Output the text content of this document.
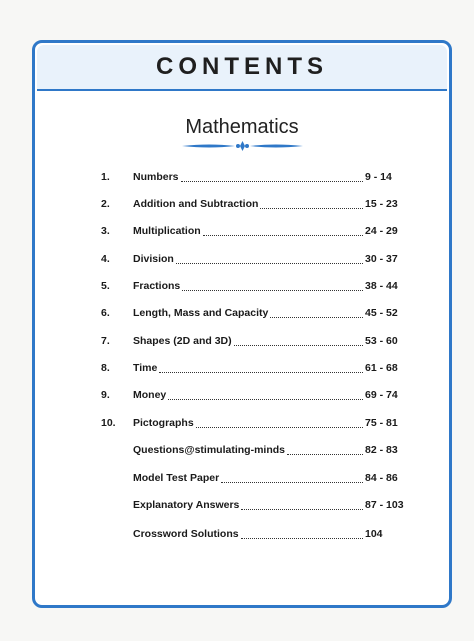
CONTENTS
Mathematics
1.	Numbers	9 - 14
2.	Addition and Subtraction	15 - 23
3.	Multiplication	24 - 29
4.	Division	30 - 37
5.	Fractions	38 - 44
6.	Length, Mass and Capacity	45 - 52
7.	Shapes (2D and 3D)	53 - 60
8.	Time	61 - 68
9.	Money	69 - 74
10.	Pictographs	75 - 81
Questions@stimulating-minds	82 - 83
Model Test Paper	84 - 86
Explanatory Answers	87 - 103
Crossword Solutions	104
